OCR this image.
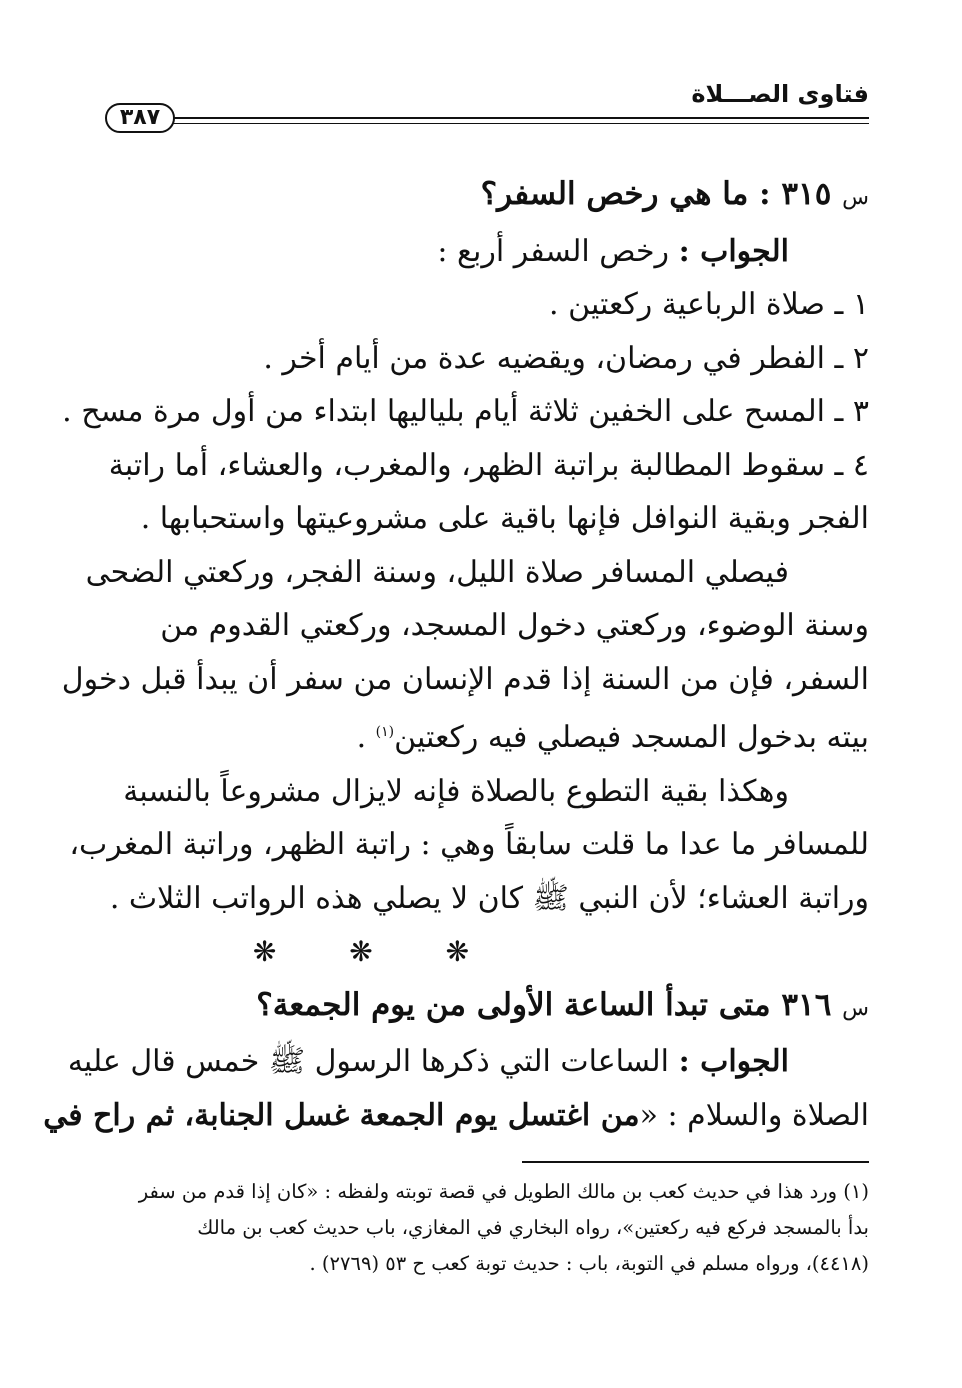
فتاوى الصـــلاة
٣٨٧
س ٣١٥ : ما هي رخص السفر؟
الجواب : رخص السفر أربع :
١ ـ صلاة الرباعية ركعتين .
٢ ـ الفطر في رمضان، ويقضيه عدة من أيام أخر .
٣ ـ المسح على الخفين ثلاثة أيام بلياليها ابتداء من أول مرة مسح .
٤ ـ سقوط المطالبة براتبة الظهر، والمغرب، والعشاء، أما راتبة
الفجر وبقية النوافل فإنها باقية على مشروعيتها واستحبابها .
فيصلي المسافر صلاة الليل، وسنة الفجر، وركعتي الضحى
وسنة الوضوء، وركعتي دخول المسجد، وركعتي القدوم من
السفر، فإن من السنة إذا قدم الإنسان من سفر أن يبدأ قبل دخول
بيته بدخول المسجد فيصلي فيه ركعتين$^{(١)}$ .
وهكذا بقية التطوع بالصلاة فإنه لايزال مشروعاً بالنسبة
للمسافر ما عدا ما قلت سابقاً وهي : راتبة الظهر، وراتبة المغرب،
وراتبة العشاء؛ لأن النبي ﷺ كان لا يصلي هذه الرواتب الثلاث .
❋ ❋ ❋
س ٣١٦ متى تبدأ الساعة الأولى من يوم الجمعة؟
الجواب : الساعات التي ذكرها الرسول ﷺ خمس قال عليه
الصلاة والسلام : «من اغتسل يوم الجمعة غسل الجنابة، ثم راح في
(١) ورد هذا في حديث كعب بن مالك الطويل في قصة توبته ولفظه : «كان إذا قدم من سفر
بدأ بالمسجد فركع فيه ركعتين»، رواه البخاري في المغازي، باب حديث كعب بن مالك
(٤٤١٨)، ورواه مسلم في التوبة، باب : حديث توبة كعب ح ٥٣ (٢٧٦٩) .
